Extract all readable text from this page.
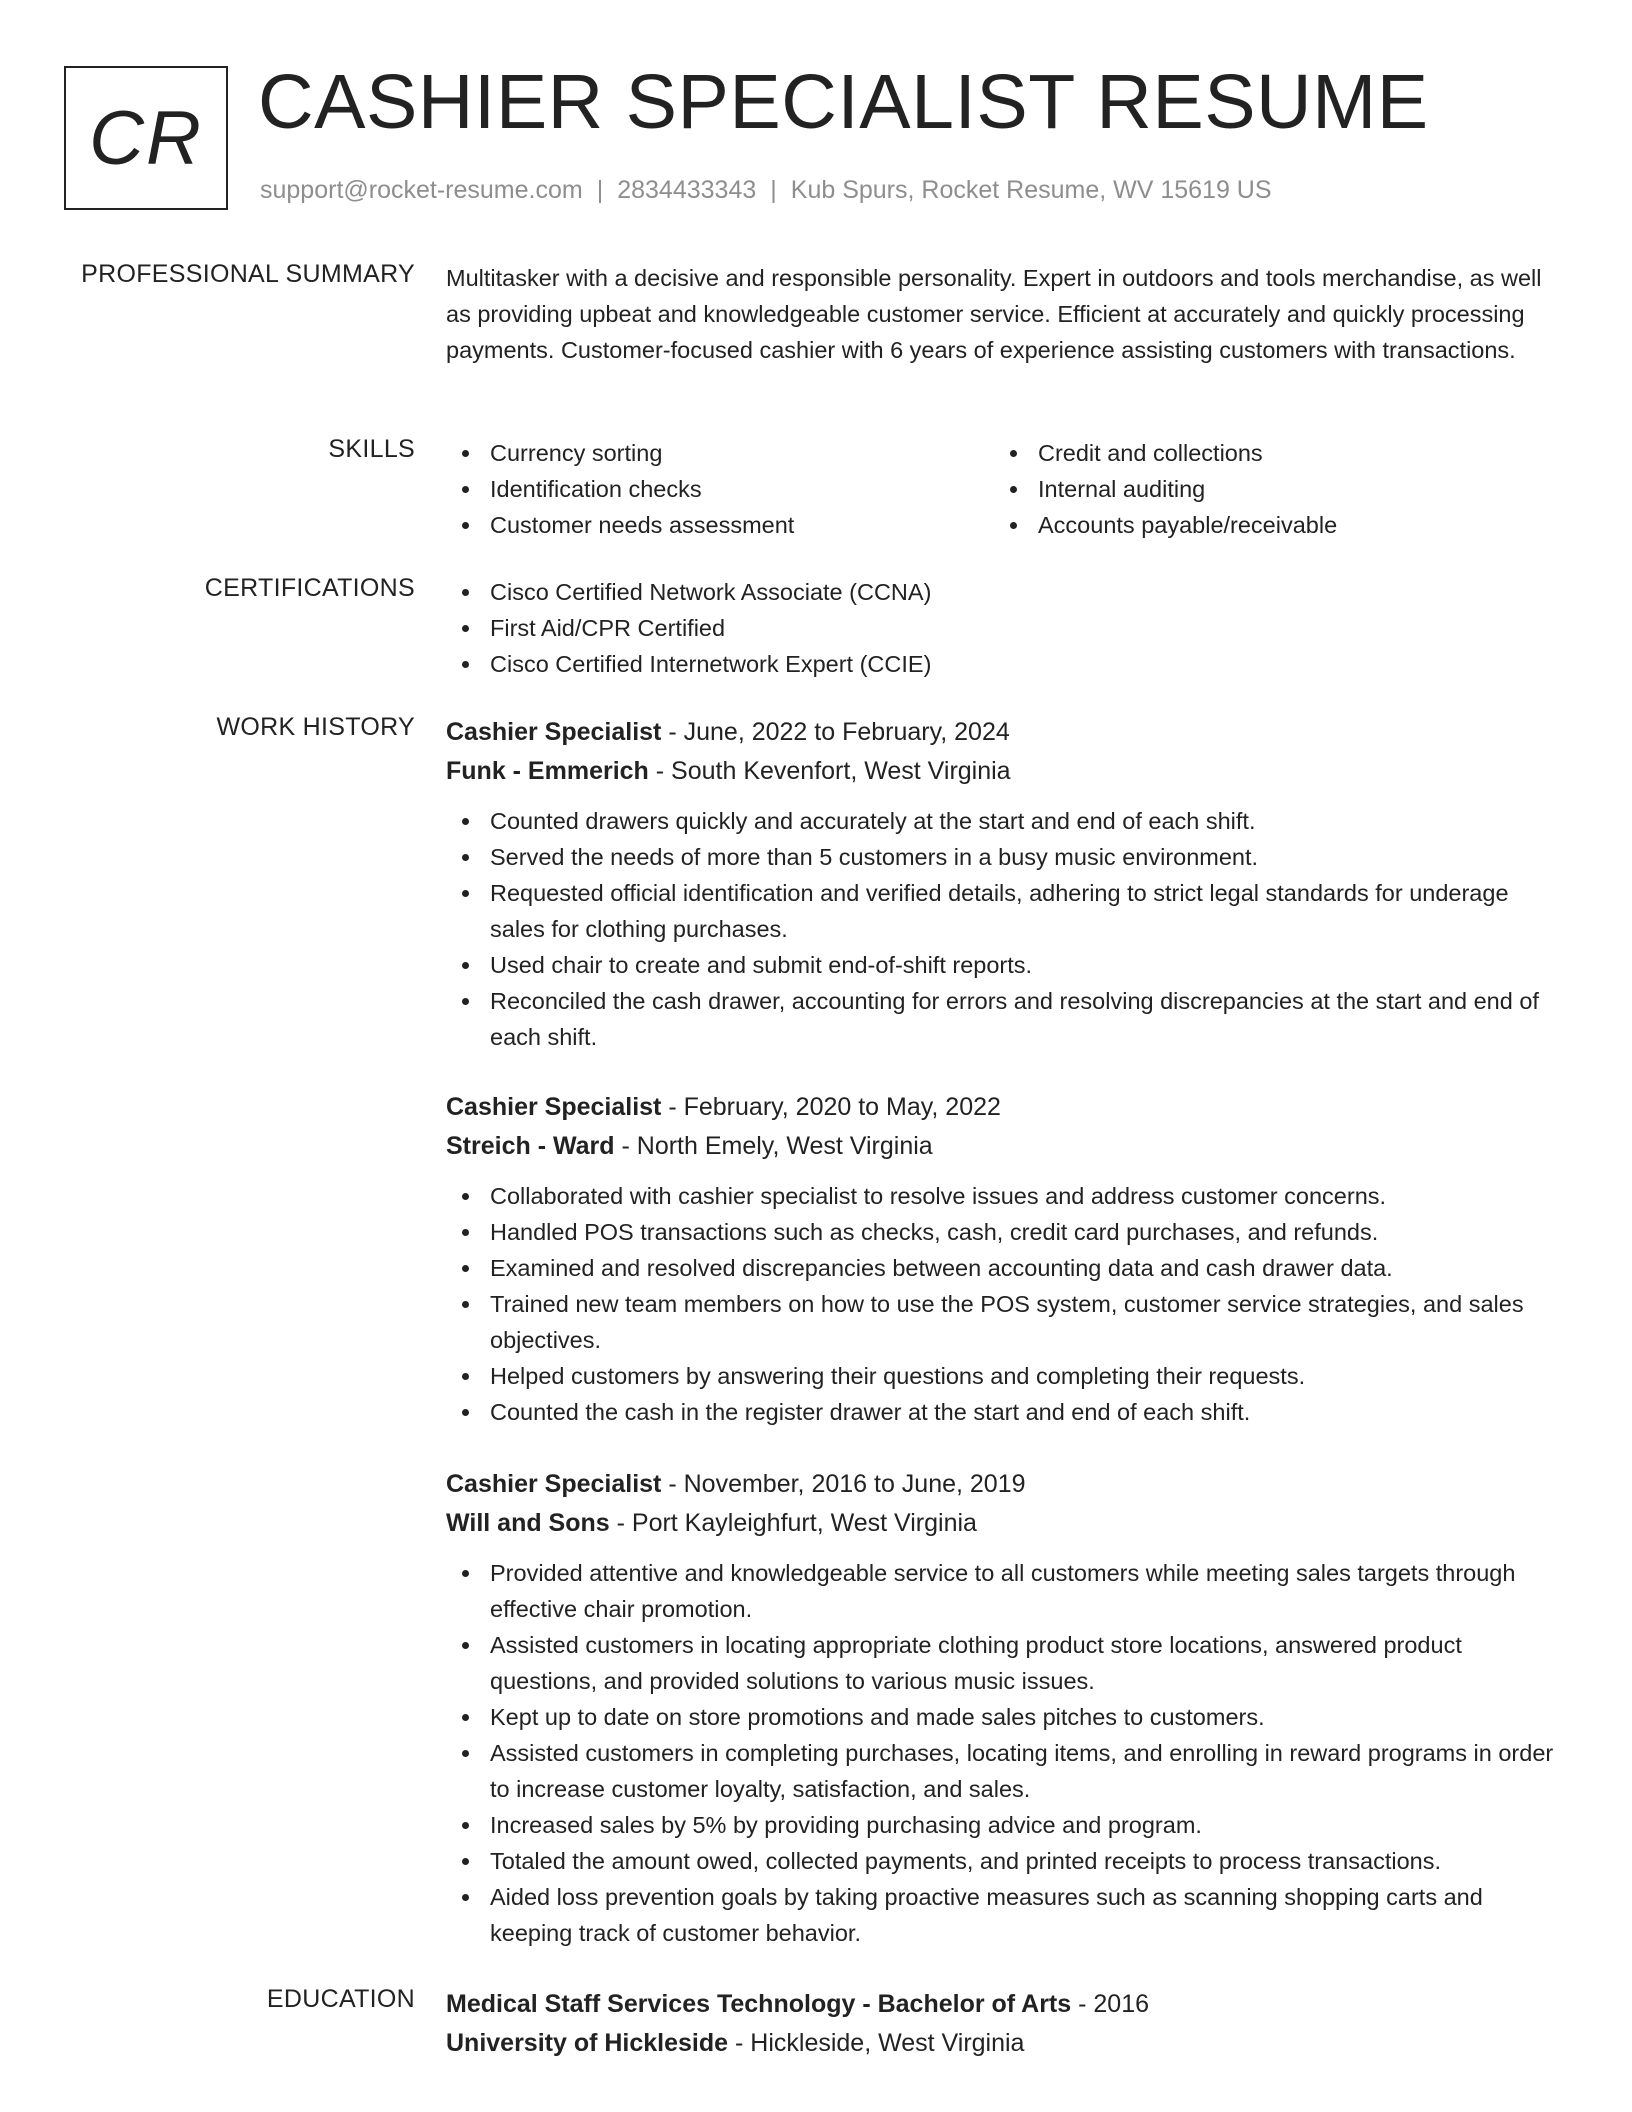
CR CASHIER SPECIALIST RESUME
support@rocket-resume.com | 2834433343 | Kub Spurs, Rocket Resume, WV 15619 US
PROFESSIONAL SUMMARY Multitasker with a decisive and responsible personality. Expert in outdoors and tools merchandise, as well as providing upbeat and knowledgeable customer service. Efficient at accurately and quickly processing payments. Customer-focused cashier with 6 years of experience assisting customers with transactions.

SKILLS	Currency sorting
Identification checks
Customer needs assessment
Credit and collections
Internal auditing
Accounts payable/receivable
CERTIFICATIONS	Cisco Certified Network Associate (CCNA)
First Aid/CPR Certified
Cisco Certified Internetwork Expert (CCIE)
WORK HISTORY Cashier Specialist - June, 2022 to February, 2024
Funk - Emmerich - South Kevenfort, West Virginia
Counted drawers quickly and accurately at the start and end of each shift.
Served the needs of more than 5 customers in a busy music environment.
Requested official identification and verified details, adhering to strict legal standards for underage sales for clothing purchases.
Used chair to create and submit end-of-shift reports.
Reconciled the cash drawer, accounting for errors and resolving discrepancies at the start and end of each shift.
Cashier Specialist - February, 2020 to May, 2022
Streich - Ward - North Emely, West Virginia
Collaborated with cashier specialist to resolve issues and address customer concerns.
Handled POS transactions such as checks, cash, credit card purchases, and refunds.
Examined and resolved discrepancies between accounting data and cash drawer data.
Trained new team members on how to use the POS system, customer service strategies, and sales objectives.
Helped customers by answering their questions and completing their requests.
Counted the cash in the register drawer at the start and end of each shift.
Cashier Specialist - November, 2016 to June, 2019
Will and Sons - Port Kayleighfurt, West Virginia
Provided attentive and knowledgeable service to all customers while meeting sales targets through effective chair promotion.
Assisted customers in locating appropriate clothing product store locations, answered product questions, and provided solutions to various music issues.
Kept up to date on store promotions and made sales pitches to customers.
Assisted customers in completing purchases, locating items, and enrolling in reward programs in order to increase customer loyalty, satisfaction, and sales.
Increased sales by 5% by providing purchasing advice and program.
Totaled the amount owed, collected payments, and printed receipts to process transactions.
Aided loss prevention goals by taking proactive measures such as scanning shopping carts and keeping track of customer behavior.
EDUCATION Medical Staff Services Technology - Bachelor of Arts - 2016
University of Hickleside - Hickleside, West Virginia
